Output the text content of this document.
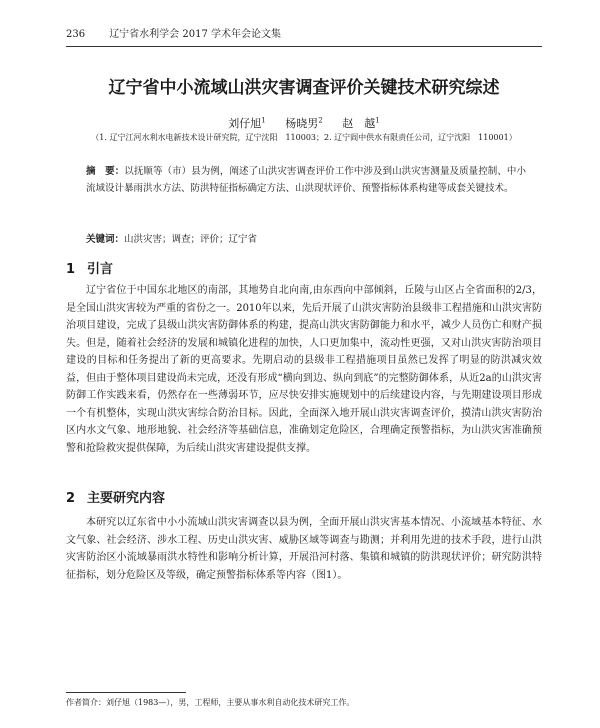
236 辽宁省水利学会 2017 学术年会论文集
辽宁省中小流域山洪灾害调查评价关键技术研究综述
刘仔旭$^1$ 杨晓男$^2$ 赵　越$^1$
（1. 辽宁江河水利水电新技术设计研究院，辽宁沈阳　110003；2. 辽宁阎中供水有限责任公司，辽宁沈阳　110001）
摘　要：以抚顺等（市）县为例，阐述了山洪灾害调查评价工作中涉及到山洪灾害测量及质量控制、中小流域设计暴雨洪水方法、防洪特征指标确定方法、山洪现状评价、预警指标体系构建等成套关键技术。
关键词：山洪灾害；调查；评价；辽宁省
1 引言

辽宁省位于中国东北地区的南部，其地势自北向南,由东西向中部倾斜，丘陵与山区占全省面积的2/3，是全国山洪灾害较为严重的省份之一。2010年以来，先后开展了山洪灾害防治县级非工程措施和山洪灾害防治项目建设，完成了县级山洪灾害防御体系的构建，提高山洪灾害防御能力和水平，减少人员伤亡和财产损失。但是，随着社会经济的发展和城镇化进程的加快，人口更加集中，流动性更强，又对山洪灾害防治项目建设的目标和任务提出了新的更高要求。先期启动的县级非工程措施项目虽然已发挥了明显的防洪减灾效益，但由于整体项目建设尚未完成，还没有形成“横向到边、纵向到底”的完整防御体系，从近2a的山洪灾害防御工作实践来看，仍然存在一些薄弱环节，应尽快安排实施规划中的后续建设内容，与先期建设项目形成一个有机整体，实现山洪灾害综合防治目标。因此，全面深入地开展山洪灾害调查评价，摸清山洪灾害防治区内水文气象、地形地貌、社会经济等基础信息，准确划定危险区，合理确定预警指标，为山洪灾害准确预警和抢险救灾提供保障，为后续山洪灾害建设提供支撑。

2 主要研究内容

本研究以辽东省中小小流域山洪灾害调查以县为例，全面开展山洪灾害基本情况、小流域基本特征、水文气象、社会经济、涉水工程、历史山洪灾害、威胁区域等调查与勘测；并利用先进的技术手段，进行山洪灾害防治区小流域暴雨洪水特性和影响分析计算，开展沿河村落、集镇和城镇的防洪现状评价；研究防洪特征指标，划分危险区及等级，确定预警指标体系等内容（图1）。

作者简介：刘仔旭（1983—），男，工程师，主要从事水利自动化技术研究工作。
